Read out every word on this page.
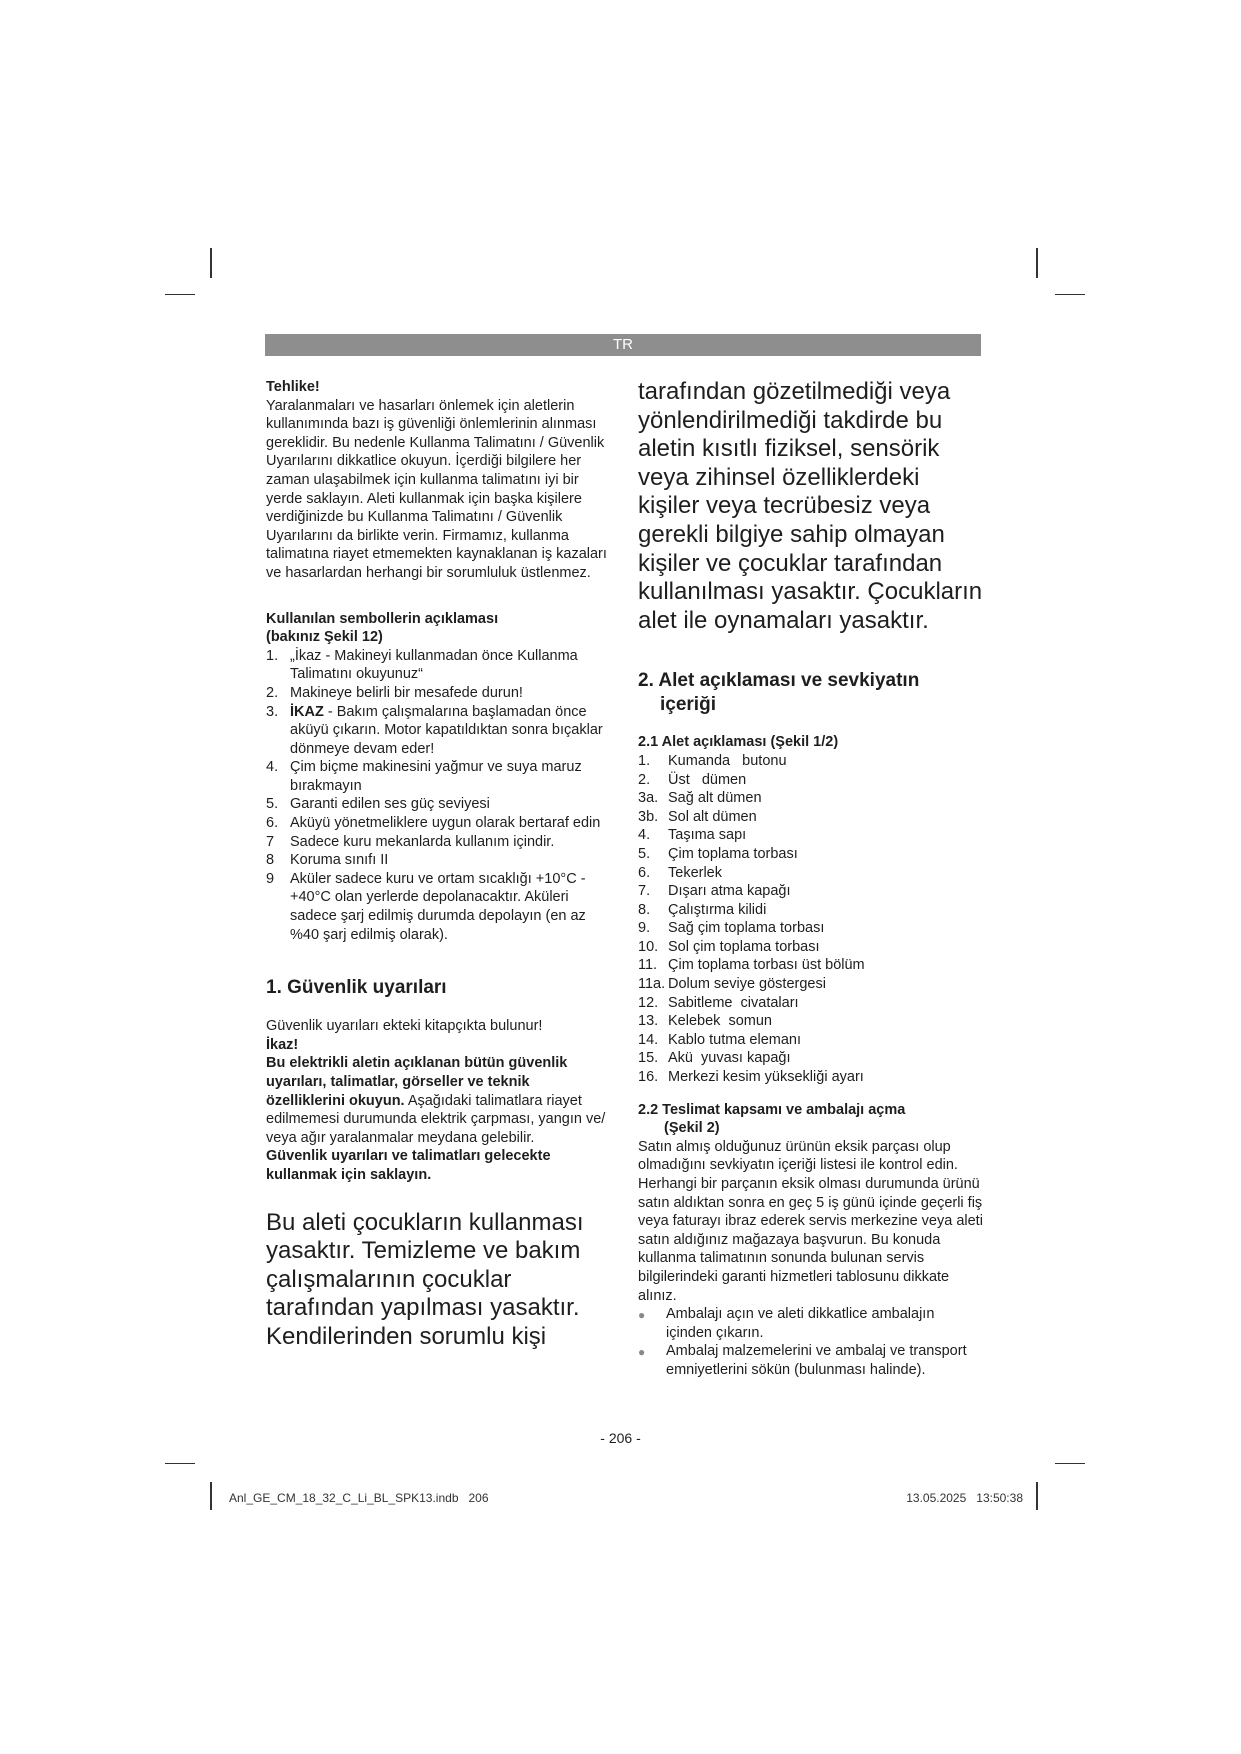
TR

Tehlike!

Yaralanmaları ve hasarları önlemek için aletlerin kullanımında bazı iş güvenliği önlemlerinin alınması gereklidir. Bu nedenle Kullanma Talimatını / Güvenlik Uyarılarını dikkatlice okuyun. İçerdiği bilgilere her zaman ulaşabilmek için kullanma talimatını iyi bir yerde saklayın. Aleti kullanmak için başka kişilere verdiğinizde bu Kullanma Talimatını / Güvenlik Uyarılarını da birlikte verin. Firmamız, kullanma talimatına riayet etmemekten kaynaklanan iş kazaları ve hasarlardan herhangi bir sorumluluk üstlenmez.

Kullanılan sembollerin açıklaması

(bakınız Şekil 12)

1. „İkaz - Makineyi kullanmadan önce Kullanma Talimatını okuyunuz“
2. Makineye belirli bir mesafede durun!
3. İKAZ - Bakım çalışmalarına başlamadan önce aküyü çıkarın. Motor kapatıldıktan sonra bıçaklar dönmeye devam eder!
4. Çim biçme makinesini yağmur ve suya maruz bırakmayın
5. Garanti edilen ses güç seviyesi
6. Aküyü yönetmeliklere uygun olarak bertaraf edin
7	Sadece kuru mekanlarda kullanım içindir.
8	Koruma sınıfı II
9	Aküler sadece kuru ve ortam sıcaklığı +10°C - +40°C olan yerlerde depolanacaktır. Aküleri sadece şarj edilmiş durumda depolayın (en az %40 şarj edilmiş olarak).

1. Güvenlik uyarıları

Güvenlik uyarıları ekteki kitapçıkta bulunur!

İkaz!

Bu elektrikli aletin açıklanan bütün güvenlik uyarıları, talimatlar, görseller ve teknik özelliklerini okuyun. Aşağıdaki talimatlara riayet edilmemesi durumunda elektrik çarpması, yangın ve/ veya ağır yaralanmalar meydana gelebilir.

Güvenlik uyarıları ve talimatları gelecekte kullanmak için saklayın.

Bu aleti çocukların kullanması yasaktır. Temizleme ve bakım çalışmalarının çocuklar tarafından yapılması yasaktır. Kendilerinden sorumlu kişi

tarafından gözetilmediği veya yönlendirilmediği takdirde bu aletin kısıtlı fiziksel, sensörik veya zihinsel özelliklerdeki kişiler veya tecrübesiz veya gerekli bilgiye sahip olmayan kişiler ve çocuklar tarafından kullanılması yasaktır. Çocukların alet ile oynamaları yasaktır.

2. Alet açıklaması ve sevkiyatın

içeriği

2.1 Alet açıklaması (Şekil 1/2)

1.	Kumanda   butonu
2.	Üst   dümen
3a. Sağ alt dümen
3b. Sol alt dümen
4.	Taşıma sapı
5.	Çim toplama torbası
6.	Tekerlek
7.	Dışarı atma kapağı
8.	Çalıştırma kilidi
9.	Sağ çim toplama torbası
10. Sol çim toplama torbası
11. Çim toplama torbası üst bölüm
11a. Dolum seviye göstergesi
12. Sabitleme  civataları
13. Kelebek  somun
14. Kablo tutma elemanı
15. Akü  yuvası kapağı
16. Merkezi kesim yüksekliği ayarı

2.2 Teslimat kapsamı ve ambalajı açma

(Şekil 2)

Satın almış olduğunuz ürünün eksik parçası olup olmadığını sevkiyatın içeriği listesi ile kontrol edin. Herhangi bir parçanın eksik olması durumunda ürünü satın aldıktan sonra en geç 5 iş günü içinde geçerli fiş veya faturayı ibraz ederek servis merkezine veya aleti satın aldığınız mağazaya başvurun. Bu konuda kullanma talimatının sonunda bulunan servis bilgilerindeki garanti hizmetleri tablosunu dikkate alınız.

●	Ambalajı açın ve aleti dikkatlice ambalajın içinden çıkarın.
●	Ambalaj malzemelerini ve ambalaj ve transport emniyetlerini sökün (bulunması halinde).
- 206 -
Anl_GE_CM_18_32_C_Li_BL_SPK13.indb   206	13.05.2025   13:50:38
